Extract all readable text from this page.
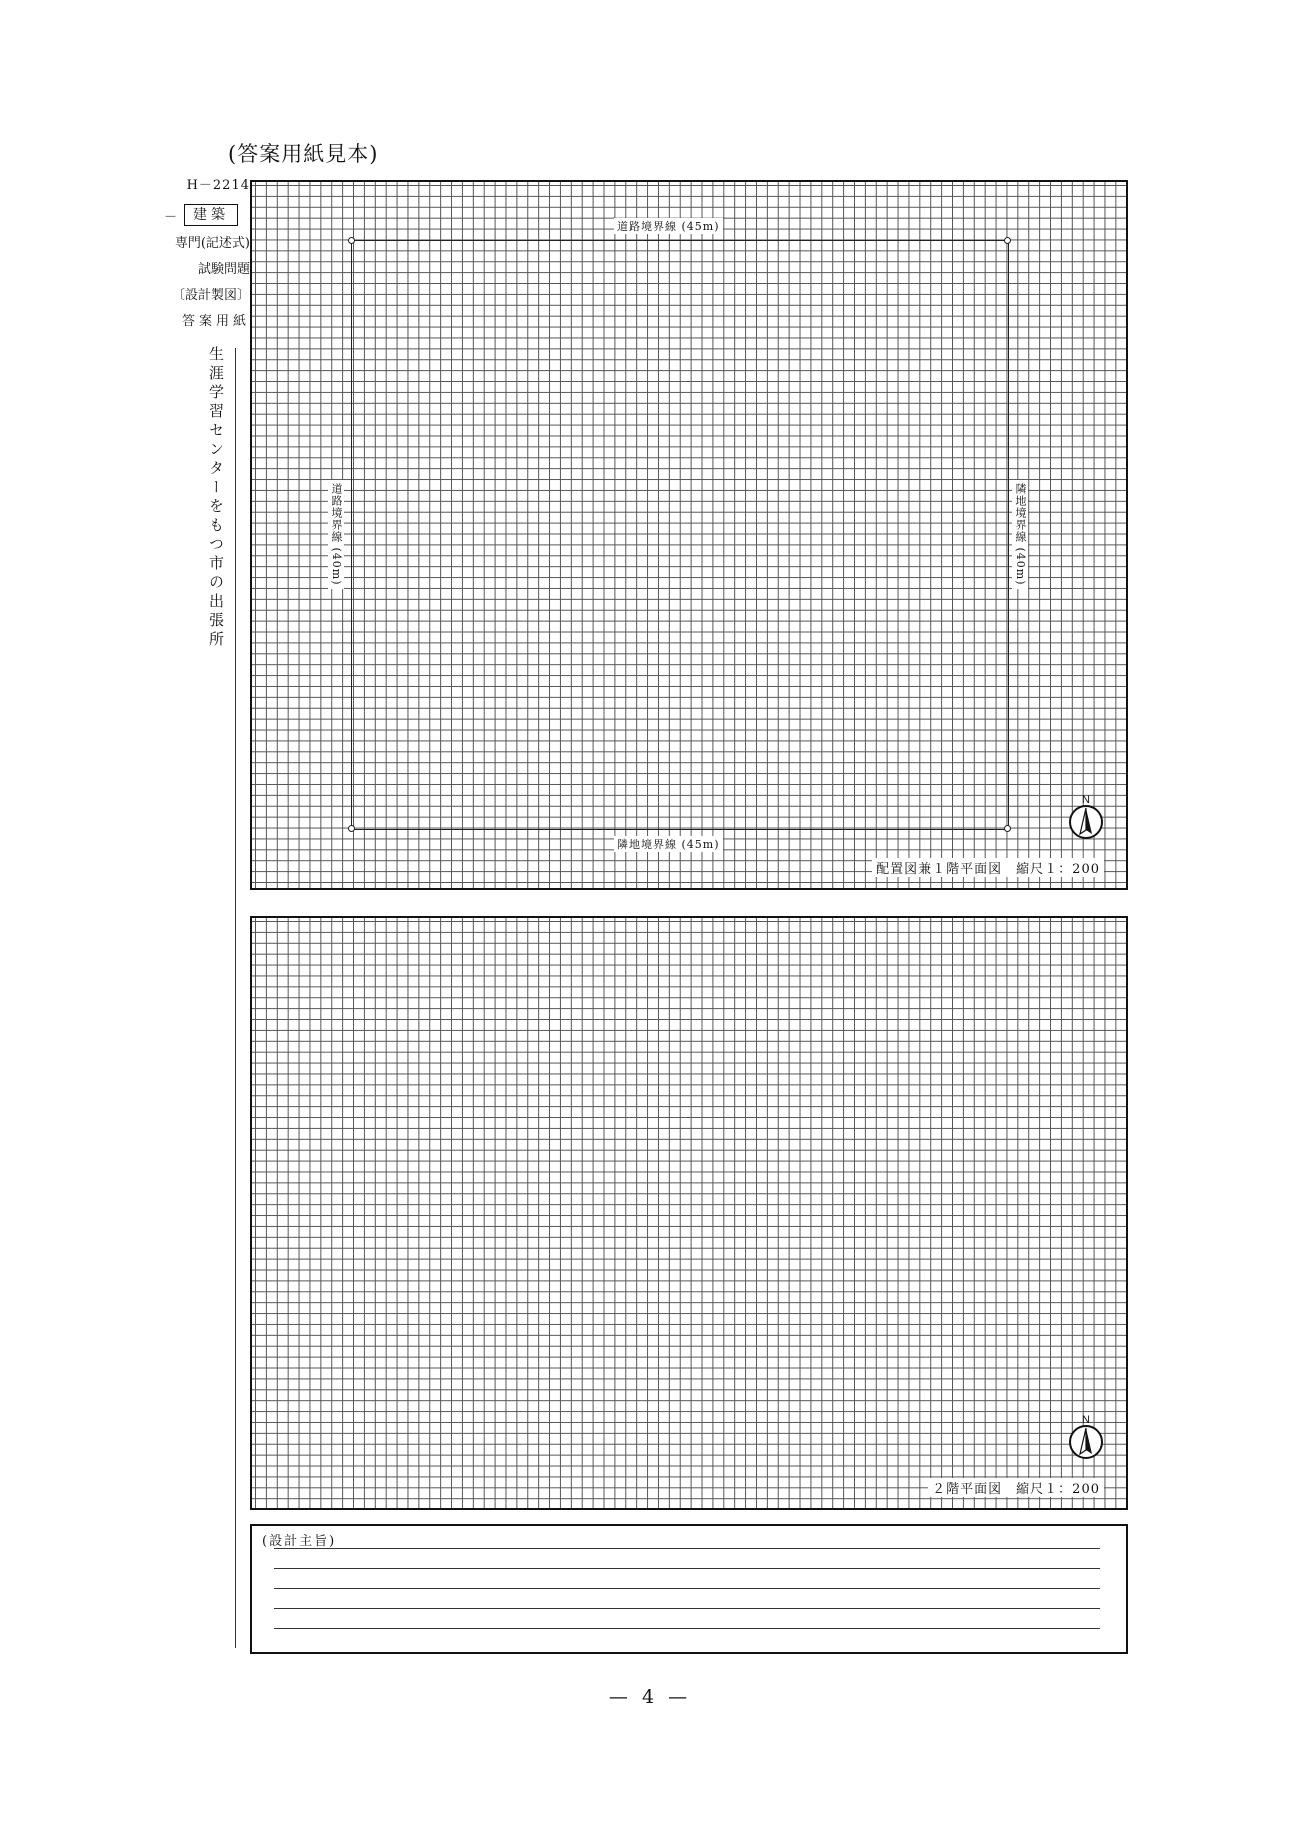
(答案用紙見本)
H－2214
－	建築
専門(記述式)
試験問題
〔設計製図〕
答案用紙
生涯学習センターをもつ市の出張所
道路境界線 (45m)
隣地境界線 (45m)
道路境界線 (40m)	隣地境界線 (40m)
N
配置図兼１階平面図　縮尺１：200
N
２階平面図　縮尺１：200
(設計主旨)
— 4 —
